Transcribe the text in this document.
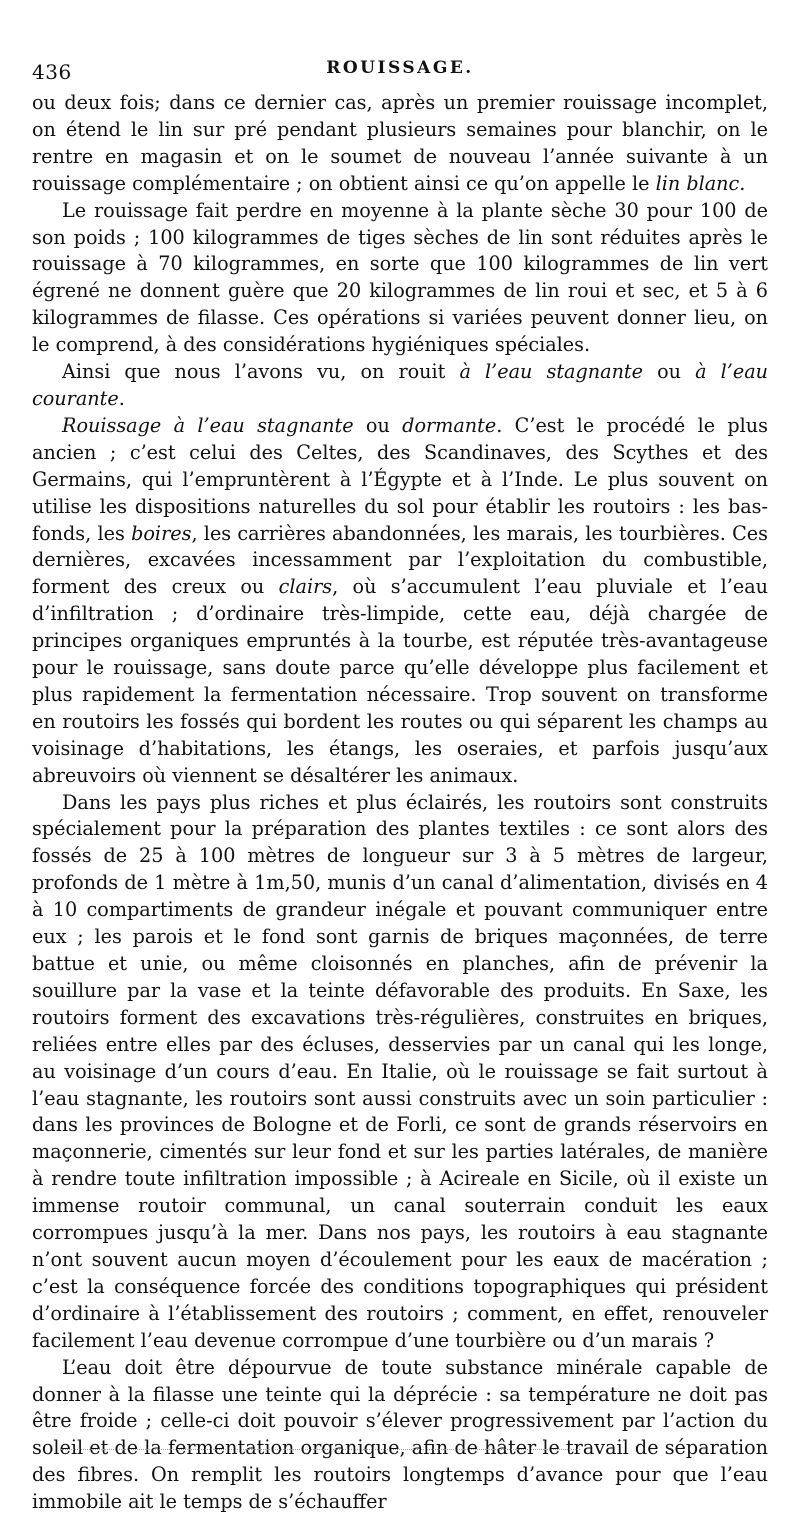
436	ROUISSAGE.

ou deux fois; dans ce dernier cas, après un premier rouissage incomplet, on étend le lin sur pré pendant plusieurs semaines pour blanchir, on le rentre en magasin et on le soumet de nouveau l’année suivante à un rouissage complémentaire ; on obtient ainsi ce qu’on appelle le lin blanc.

Le rouissage fait perdre en moyenne à la plante sèche 30 pour 100 de son poids ; 100 kilogrammes de tiges sèches de lin sont réduites après le rouissage à 70 kilogrammes, en sorte que 100 kilogrammes de lin vert égrené ne donnent guère que 20 kilogrammes de lin roui et sec, et 5 à 6 kilogrammes de filasse. Ces opérations si variées peuvent donner lieu, on le comprend, à des considérations hygiéniques spéciales.

Ainsi que nous l’avons vu, on rouit à l’eau stagnante ou à l’eau courante.

Rouissage à l’eau stagnante ou dormante. C’est le procédé le plus ancien ; c’est celui des Celtes, des Scandinaves, des Scythes et des Germains, qui l’empruntèrent à l’Égypte et à l’Inde. Le plus souvent on utilise les dispositions naturelles du sol pour établir les routoirs : les bas-fonds, les boires, les carrières abandonnées, les marais, les tourbières. Ces dernières, excavées incessamment par l’exploitation du combustible, forment des creux ou clairs, où s’accumulent l’eau pluviale et l’eau d’infiltration ; d’ordinaire très-limpide, cette eau, déjà chargée de principes organiques empruntés à la tourbe, est réputée très-avantageuse pour le rouissage, sans doute parce qu’elle développe plus facilement et plus rapidement la fermentation nécessaire. Trop souvent on transforme en routoirs les fossés qui bordent les routes ou qui séparent les champs au voisinage d’habitations, les étangs, les oseraies, et parfois jusqu’aux abreuvoirs où viennent se désaltérer les animaux.

Dans les pays plus riches et plus éclairés, les routoirs sont construits spécialement pour la préparation des plantes textiles : ce sont alors des fossés de 25 à 100 mètres de longueur sur 3 à 5 mètres de largeur, profonds de 1 mètre à 1m,50, munis d’un canal d’alimentation, divisés en 4 à 10 compartiments de grandeur inégale et pouvant communiquer entre eux ; les parois et le fond sont garnis de briques maçonnées, de terre battue et unie, ou même cloisonnés en planches, afin de prévenir la souillure par la vase et la teinte défavorable des produits. En Saxe, les routoirs forment des excavations très-régulières, construites en briques, reliées entre elles par des écluses, desservies par un canal qui les longe, au voisinage d’un cours d’eau. En Italie, où le rouissage se fait surtout à l’eau stagnante, les routoirs sont aussi construits avec un soin particulier : dans les provinces de Bologne et de Forli, ce sont de grands réservoirs en maçonnerie, cimentés sur leur fond et sur les parties latérales, de manière à rendre toute infiltration impossible ; à Acireale en Sicile, où il existe un immense routoir communal, un canal souterrain conduit les eaux corrompues jusqu’à la mer. Dans nos pays, les routoirs à eau stagnante n’ont souvent aucun moyen d’écoulement pour les eaux de macération ; c’est la conséquence forcée des conditions topographiques qui président d’ordinaire à l’établissement des routoirs ; comment, en effet, renouveler facilement l’eau devenue corrompue d’une tourbière ou d’un marais ?

L’eau doit être dépourvue de toute substance minérale capable de donner à la filasse une teinte qui la déprécie : sa température ne doit pas être froide ; celle-ci doit pouvoir s’élever progressivement par l’action du soleil et de la fermentation organique, afin de hâter le travail de séparation des fibres. On remplit les routoirs longtemps d’avance pour que l’eau immobile ait le temps de s’échauffer
